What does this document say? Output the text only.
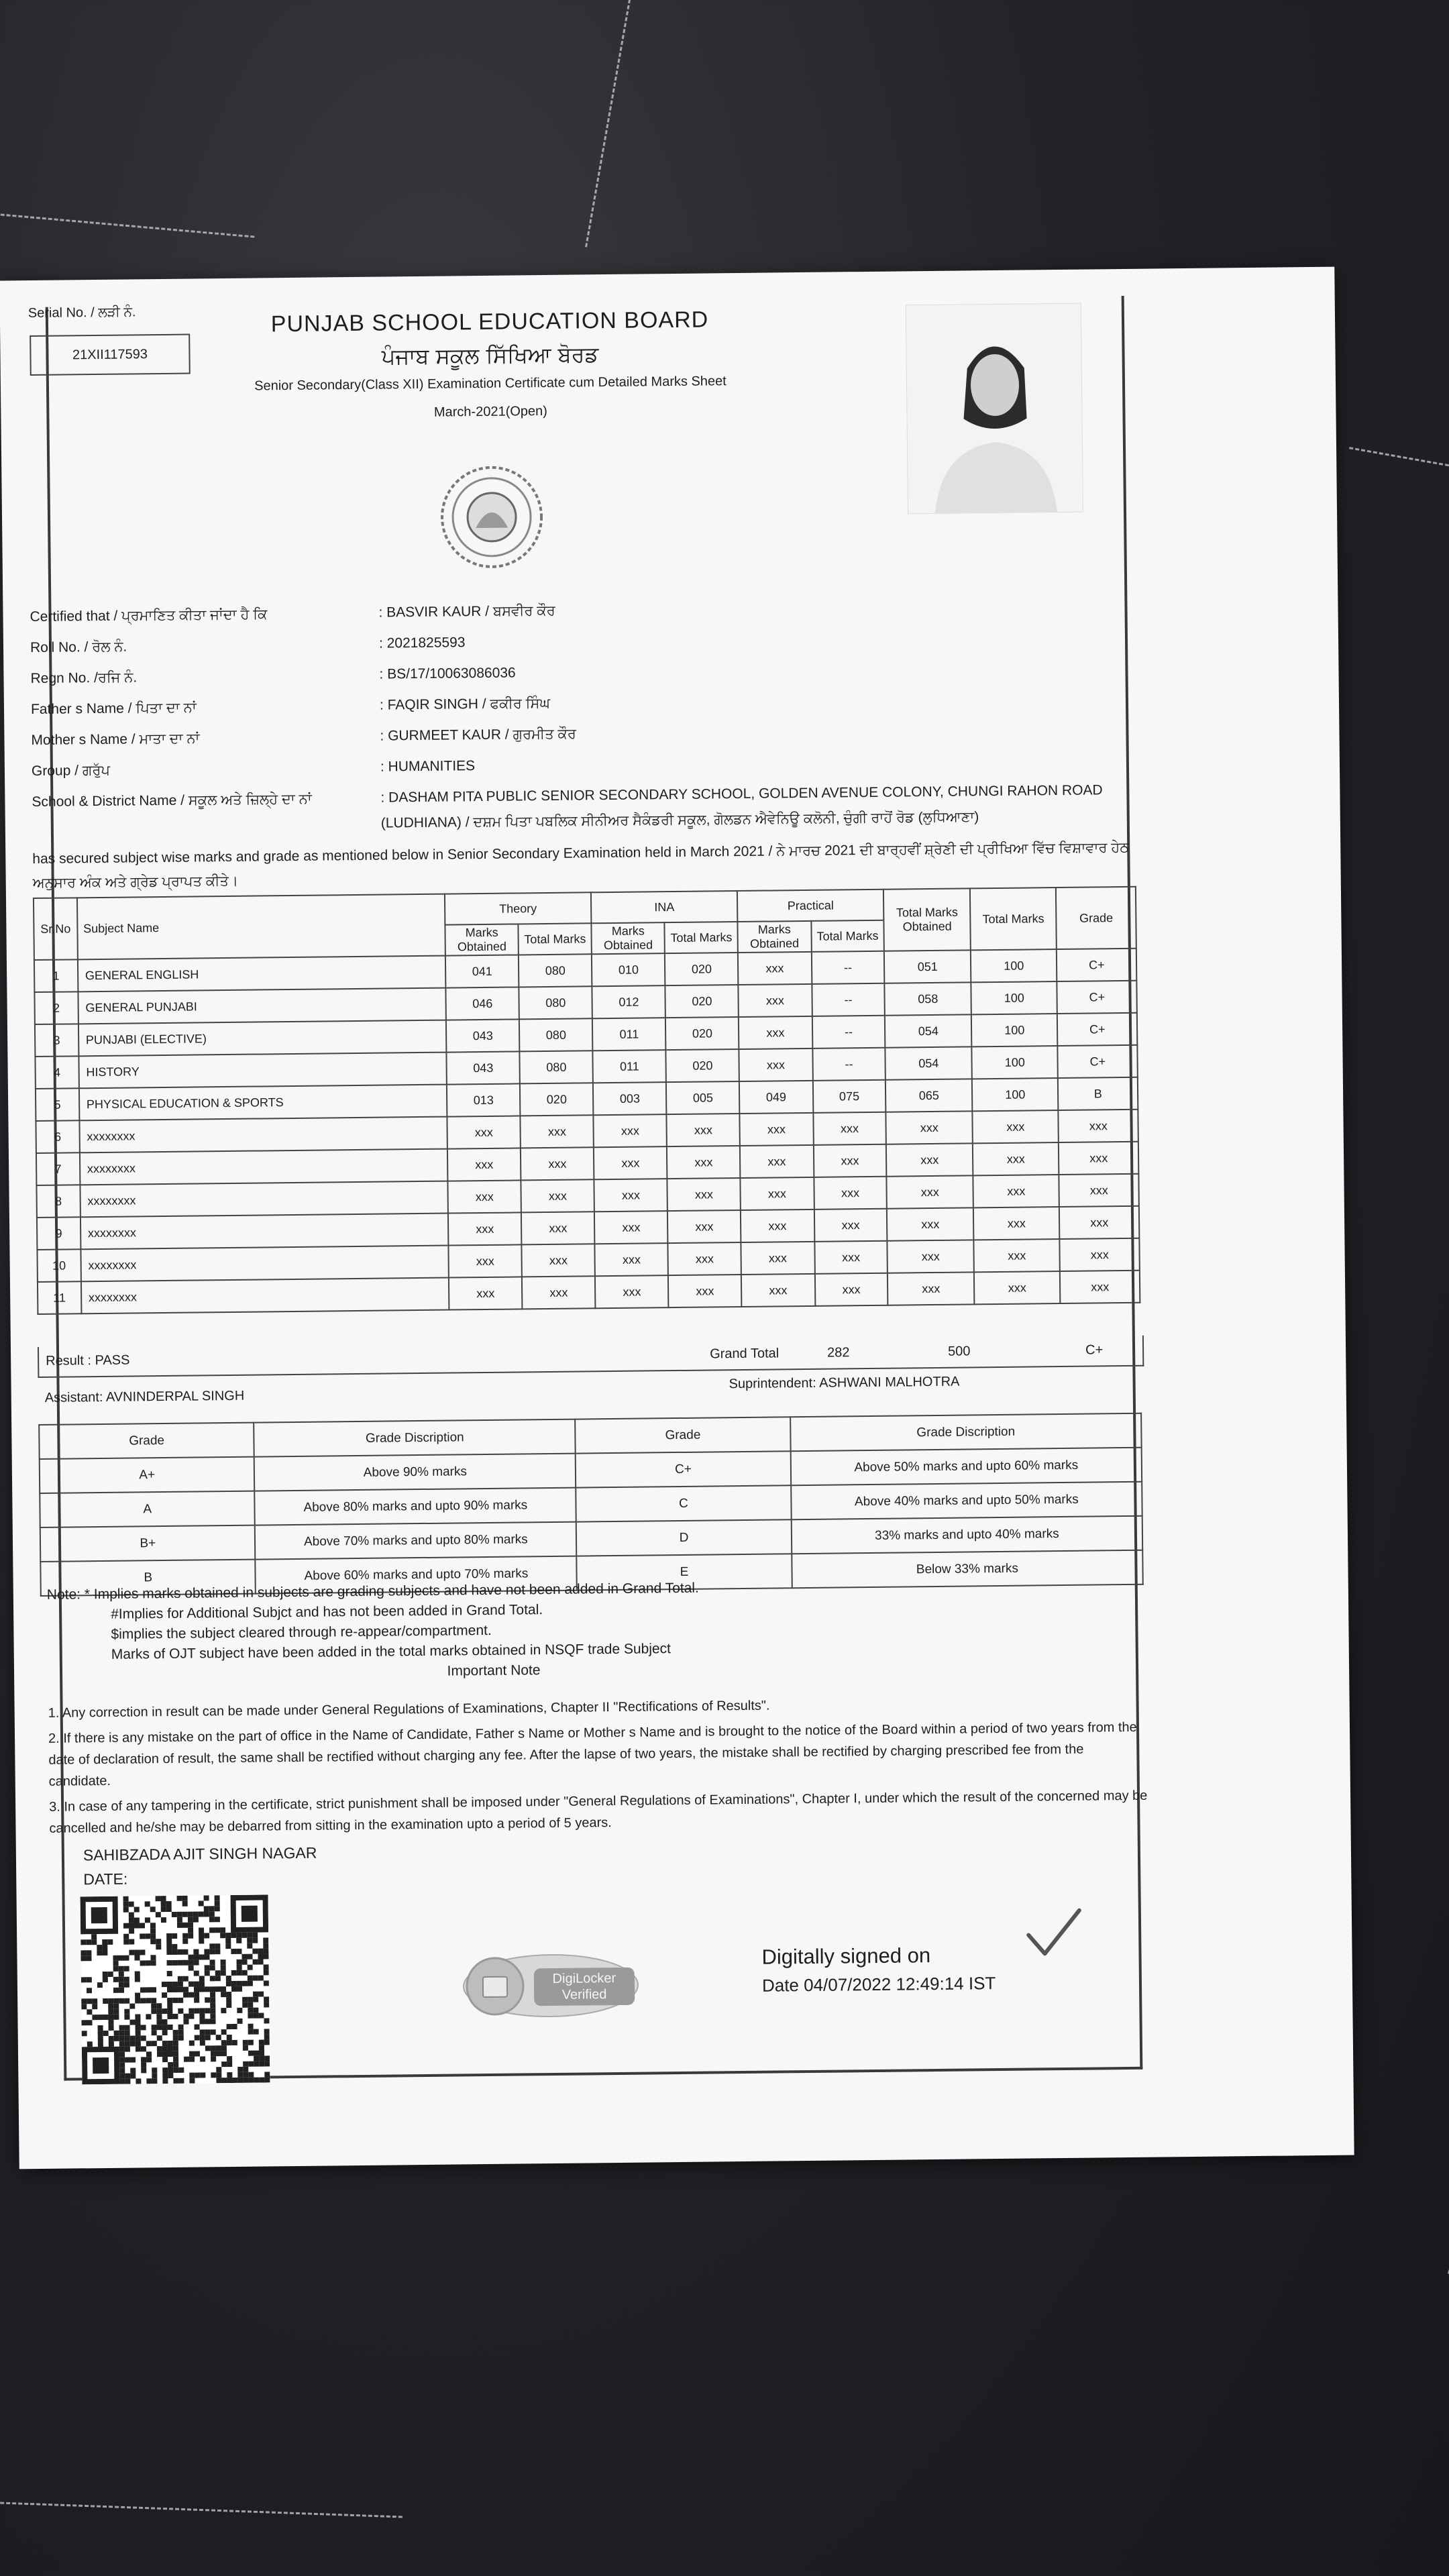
Serial No. / ਲੜੀ ਨੰ.
21XII117593
PUNJAB SCHOOL EDUCATION BOARD
ਪੰਜਾਬ ਸਕੂਲ ਸਿੱਖਿਆ ਬੋਰਡ
Senior Secondary(Class XII) Examination Certificate cum Detailed Marks Sheet
March-2021(Open)
Certified that / ਪ੍ਰਮਾਣਿਤ ਕੀਤਾ ਜਾਂਦਾ ਹੈ ਕਿ	: BASVIR KAUR / ਬਸਵੀਰ ਕੌਰ
Roll No. / ਰੋਲ ਨੰ.	: 2021825593
Regn No. /ਰਜਿ ਨੰ.	: BS/17/10063086036
Father s Name / ਪਿਤਾ ਦਾ ਨਾਂ	: FAQIR SINGH / ਫਕੀਰ ਸਿੰਘ
Mother s Name / ਮਾਤਾ ਦਾ ਨਾਂ	: GURMEET KAUR / ਗੁਰਮੀਤ ਕੌਰ
Group / ਗਰੁੱਪ	: HUMANITIES
School & District Name / ਸਕੂਲ ਅਤੇ ਜ਼ਿਲ੍ਹੇ ਦਾ ਨਾਂ	: DASHAM PITA PUBLIC SENIOR SECONDARY SCHOOL, GOLDEN AVENUE COLONY, CHUNGI RAHON ROAD (LUDHIANA) / ਦਸ਼ਮ ਪਿਤਾ ਪਬਲਿਕ ਸੀਨੀਅਰ ਸੈਕੰਡਰੀ ਸਕੂਲ, ਗੋਲਡਨ ਐਵੇਨਿਊ ਕਲੋਨੀ, ਚੁੰਗੀ ਰਾਹੋਂ ਰੋਡ (ਲੁਧਿਆਣਾ)
has secured subject wise marks and grade as mentioned below in Senior Secondary Examination held in March 2021 / ਨੇ ਮਾਰਚ 2021 ਦੀ ਬਾਰ੍ਹਵੀਂ ਸ਼੍ਰੇਣੀ ਦੀ ਪ੍ਰੀਖਿਆ ਵਿੱਚ ਵਿਸ਼ਾਵਾਰ ਹੇਠ ਅਨੁਸਾਰ ਅੰਕ ਅਤੇ ਗ੍ਰੇਡ ਪ੍ਰਾਪਤ ਕੀਤੇ।
Sr.No	Subject Name	Theory		INA		Practical		Total Marks Obtained	Total Marks	Grade
		Marks Obtained	Total Marks	Marks Obtained	Total Marks	Marks Obtained	Total Marks			
1	GENERAL ENGLISH	041	080	010	020	xxx	--	051	100	C+
2	GENERAL PUNJABI	046	080	012	020	xxx	--	058	100	C+
3	PUNJABI (ELECTIVE)	043	080	011	020	xxx	--	054	100	C+
4	HISTORY	043	080	011	020	xxx	--	054	100	C+
5	PHYSICAL EDUCATION & SPORTS	013	020	003	005	049	075	065	100	B
6	xxxxxxxx	xxx	xxx	xxx	xxx	xxx	xxx	xxx	xxx	xxx
7	xxxxxxxx	xxx	xxx	xxx	xxx	xxx	xxx	xxx	xxx	xxx
8	xxxxxxxx	xxx	xxx	xxx	xxx	xxx	xxx	xxx	xxx	xxx
9	xxxxxxxx	xxx	xxx	xxx	xxx	xxx	xxx	xxx	xxx	xxx
10	xxxxxxxx	xxx	xxx	xxx	xxx	xxx	xxx	xxx	xxx	xxx
11	xxxxxxxx	xxx	xxx	xxx	xxx	xxx	xxx	xxx	xxx	xxx
Result : PASS	Grand Total	282	500	C+
Assistant: AVNINDERPAL SINGH
Suprintendent: ASHWANI MALHOTRA
Grade	Grade Discription	Grade	Grade Discription
A+	Above 90% marks	C+	Above 50% marks and upto 60% marks
A	Above 80% marks and upto 90% marks	C	Above 40% marks and upto 50% marks
B+	Above 70% marks and upto 80% marks	D	33% marks and upto 40% marks
B	Above 60% marks and upto 70% marks	E	Below 33% marks
Note: * Implies marks obtained in subjects are grading subjects and have not been added in Grand Total.
#Implies for Additional Subjct and has not been added in Grand Total.
$implies the subject cleared through re-appear/compartment.
Marks of OJT subject have been added in the total marks obtained in NSQF trade Subject
Important Note
1. Any correction in result can be made under General Regulations of Examinations, Chapter II "Rectifications of Results".
2. If there is any mistake on the part of office in the Name of Candidate, Father s Name or Mother s Name and is brought to the notice of the Board within a period of two years from the date of declaration of result, the same shall be rectified without charging any fee. After the lapse of two years, the mistake shall be rectified by charging prescribed fee from the candidate.
3. In case of any tampering in the certificate, strict punishment shall be imposed under "General Regulations of Examinations", Chapter I, under which the result of the concerned may be cancelled and he/she may be debarred from sitting in the examination upto a period of 5 years.
SAHIBZADA AJIT SINGH NAGAR
DATE:
DigiLocker
Verified
Digitally signed on
Date 04/07/2022 12:49:14 IST
